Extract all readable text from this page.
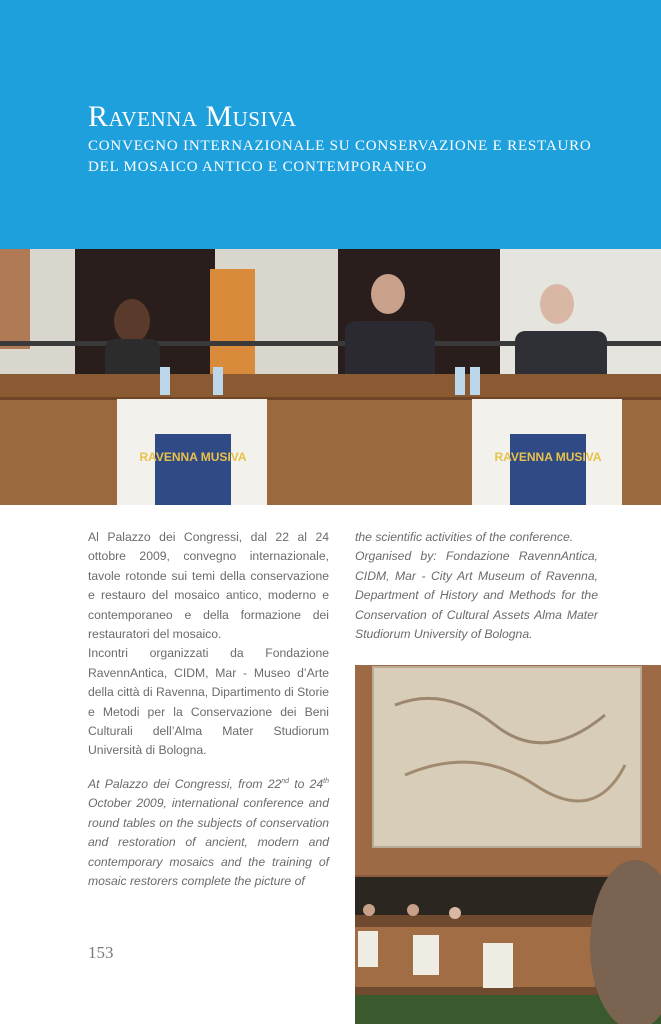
Ravenna Musiva
CONVEGNO INTERNAZIONALE SU CONSERVAZIONE E RESTAURO DEL MOSAICO ANTICO E CONTEMPORANEO
RAVENNA MUSIVA	RAVENNA MUSIVA

Al Palazzo dei Congressi, dal 22 al 24 ottobre 2009, convegno internazionale, tavole rotonde sui temi della conservazione e restauro del mosaico antico, moderno e contemporaneo e della formazione dei restauratori del mosaico.

Incontri organizzati da Fondazione RavennAntica, CIDM, Mar - Museo d’Arte della città di Ravenna, Dipartimento di Storie e Metodi per la Conservazione dei Beni Culturali dell’Alma Mater Studiorum Università di Bologna.

At Palazzo dei Congressi, from 22nd to 24th October 2009, international conference and round tables on the subjects of conservation and restoration of ancient, modern and contemporary mosaics and the training of mosaic restorers complete the picture of

the scientific activities of the conference.

Organised by: Fondazione RavennAntica, CIDM, Mar - City Art Museum of Ravenna, Department of History and Methods for the Conservation of Cultural Assets Alma Mater Studiorum University of Bologna.

153
